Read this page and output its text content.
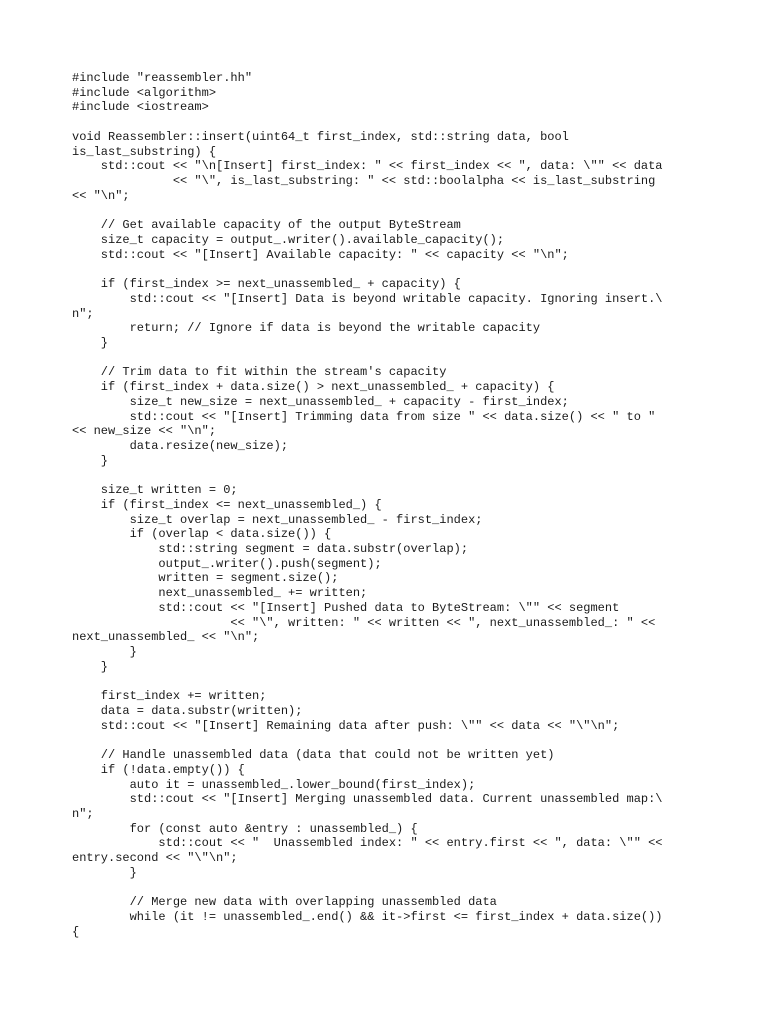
#include "reassembler.hh"
#include <algorithm>
#include <iostream>
void Reassembler::insert(uint64_t first_index, std::string data, bool
is_last_substring) {
std::cout << "\n[Insert] first_index: " << first_index << ", data: \"" << data
<< "\", is_last_substring: " << std::boolalpha << is_last_substring
<< "\n";
// Get available capacity of the output ByteStream
size_t capacity = output_.writer().available_capacity();
std::cout << "[Insert] Available capacity: " << capacity << "\n";
if (first_index >= next_unassembled_ + capacity) {
std::cout << "[Insert] Data is beyond writable capacity. Ignoring insert.\
n";
return; // Ignore if data is beyond the writable capacity
}
// Trim data to fit within the stream's capacity
if (first_index + data.size() > next_unassembled_ + capacity) {
size_t new_size = next_unassembled_ + capacity - first_index;
std::cout << "[Insert] Trimming data from size " << data.size() << " to "
<< new_size << "\n";
data.resize(new_size);
}
size_t written = 0;
if (first_index <= next_unassembled_) {
size_t overlap = next_unassembled_ - first_index;
if (overlap < data.size()) {
std::string segment = data.substr(overlap);
output_.writer().push(segment);
written = segment.size();
next_unassembled_ += written;
std::cout << "[Insert] Pushed data to ByteStream: \"" << segment
<< "\", written: " << written << ", next_unassembled_: " <<
next_unassembled_ << "\n";
}
}
first_index += written;
data = data.substr(written);
std::cout << "[Insert] Remaining data after push: \"" << data << "\"\n";
// Handle unassembled data (data that could not be written yet)
if (!data.empty()) {
auto it = unassembled_.lower_bound(first_index);
std::cout << "[Insert] Merging unassembled data. Current unassembled map:\
n";
for (const auto &entry : unassembled_) {
std::cout << "  Unassembled index: " << entry.first << ", data: \"" <<
entry.second << "\"\n";
}
// Merge new data with overlapping unassembled data
while (it != unassembled_.end() && it->first <= first_index + data.size())
{
